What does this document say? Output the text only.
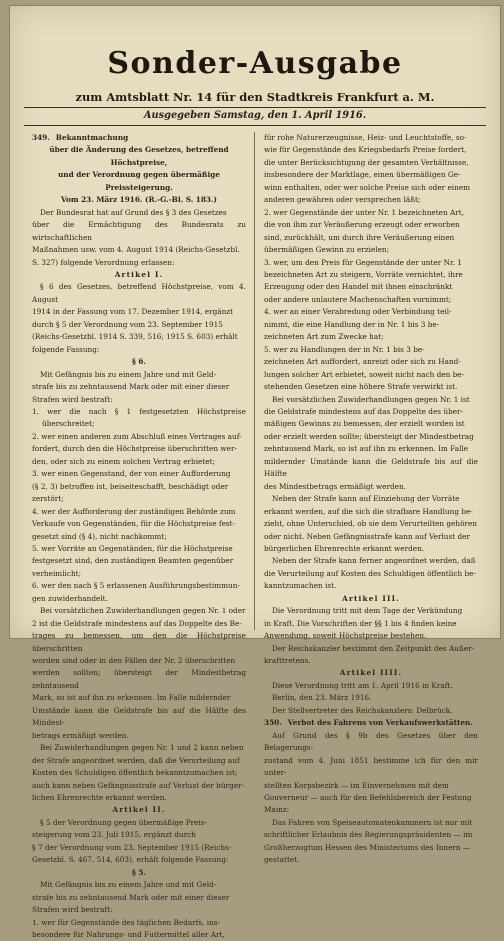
Sonder-Ausgabe
zum Amtsblatt Nr. 14 für den Stadtkreis Frankfurt a. M.
Ausgegeben Samstag, den 1. April 1916.

349. Bekanntmachung

über die Änderung des Gesetzes, betreffend Höchstpreise,

und der Verordnung gegen übermäßige Preissteigerung.

Vom 23. März 1916. (R.-G.-Bl. S. 183.)

Der Bundesrat hat auf Grund des § 3 des Gesetzes

über die Ermächtigung des Bundesrats zu wirtschaftlichen

Maßnahmen usw. vom 4. August 1914 (Reichs-Gesetzbl.

S. 327) folgende Verordnung erlassen:

Artikel I.

§ 6 des Gesetzes, betreffend Höchstpreise, vom 4. August

1914 in der Fassung vom 17. Dezember 1914, ergänzt

durch § 5 der Verordnung vom 23. September 1915

(Reichs-Gesetzbl. 1914 S. 339, 516; 1915 S. 603) erhält

folgende Fassung:

§ 6.

Mit Gefängnis bis zu einem Jahre und mit Geld-

strafe bis zu zehntausend Mark oder mit einer dieser

Strafen wird bestraft:

1. wer die nach § 1 festgesetzten Höchstpreise überschreitet;

2. wer einen anderen zum Abschluß eines Vertrages auf-

fordert, durch den die Höchstpreise überschritten wer-

den, oder sich zu einem solchen Vertrag erbietet;

3. wer einen Gegenstand, der von einer Aufforderung

(§ 2, 3) betroffen ist, beiseiteschafft, beschädigt oder

zerstört;

4. wer der Aufforderung der zuständigen Behörde zum

Verkaufe von Gegenständen, für die Höchstpreise fest-

gesetzt sind (§ 4), nicht nachkommt;

5. wer Vorräte an Gegenständen, für die Höchstpreise

festgesetzt sind, den zuständigen Beamten gegenüber

verheimlicht;

6. wer den nach § 5 erlassenen Ausführungsbestimmun-

gen zuwiderhandelt.

Bei vorsätzlichen Zuwiderhandlungen gegen Nr. 1 oder

2 ist die Geldstrafe mindestens auf das Doppelte des Be-

trages zu bemessen, um den die Höchstpreise überschritten

worden sind oder in den Fällen der Nr. 2 überschritten

werden sollten; übersteigt der Mindestbetrag zehntausend

Mark, so ist auf ihn zu erkennen. Im Falle mildernder

Umstände kann die Geldstrafe bis auf die Hälfte des Mindest-

betrags ermäßigt werden.

Bei Zuwiderhandlungen gegen Nr. 1 und 2 kann neben

der Strafe angeordnet werden, daß die Verurteilung auf

Kosten des Schuldigen öffentlich bekanntzumachen ist;

auch kann neben Gefängnisstrafe auf Verlust der bürger-

lichen Ehrenrechte erkannt werden.

Artikel II.

§ 5 der Verordnung gegen übermäßige Preis-

steigerung vom 23. Juli 1915, ergänzt durch

§ 7 der Verordnung vom 23. September 1915 (Reichs-

Gesetzbl. S. 467, 514, 603), erhält folgende Fassung:

§ 5.

Mit Gefängnis bis zu einem Jahre und mit Geld-

strafe bis zu zehntausend Mark oder mit einer dieser

Strafen wird bestraft:

1. wer für Gegenstände des täglichen Bedarfs, ins-

besondere für Nahrungs- und Futtermittel aller Art,

für rohe Naturerzeugnisse, Heiz- und Leuchtstoffe, so-

wie für Gegenstände des Kriegsbedarfs Preise fordert,

die unter Berücksichtigung der gesamten Verhältnisse,

insbesondere der Marktlage, einen übermäßigen Ge-

winn enthalten, oder wer solche Preise sich oder einem

anderen gewähren oder versprechen läßt;

2. wer Gegenstände der unter Nr. 1 bezeichneten Art,

die von ihm zur Veräußerung erzeugt oder erworben

sind, zurückhält, um durch ihre Veräußerung einen

übermäßigen Gewinn zu erzielen;

3. wer, um den Preis für Gegenstände der unter Nr. 1

bezeichneten Art zu steigern, Vorräte vernichtet, ihre

Erzeugung oder den Handel mit ihnen einschränkt

oder andere unlautere Machenschaften vornimmt;

4. wer an einer Verabredung oder Verbindung teil-

nimmt, die eine Handlung der in Nr. 1 bis 3 be-

zeichneten Art zum Zwecke hat;

5. wer zu Handlungen der in Nr. 1 bis 3 be-

zeichneten Art auffordert, anreizt oder sich zu Hand-

lungen solcher Art erbietet, soweit nicht nach den be-

stehenden Gesetzen eine höhere Strafe verwirkt ist.

Bei vorsätzlichen Zuwiderhandlungen gegen Nr. 1 ist

die Geldstrafe mindestens auf das Doppelte des über-

mäßigen Gewinns zu bemessen, der erzielt worden ist

oder erzielt werden sollte; übersteigt der Mindestbetrag

zehntausend Mark, so ist auf ihn zu erkennen. Im Falle

mildernder Umstände kann die Geldstrafe bis auf die Hälfte

des Mindestbetrags ermäßigt werden.

Neben der Strafe kann auf Einziehung der Vorräte

erkannt werden, auf die sich die strafbare Handlung be-

zieht, ohne Unterschied, ob sie dem Verurteilten gehören

oder nicht. Neben Gefängnisstrafe kann auf Verlust der

bürgerlichen Ehrenrechte erkannt werden.

Neben der Strafe kann ferner angeordnet werden, daß

die Verurteilung auf Kosten des Schuldigen öffentlich be-

kanntzumachen ist.

Artikel III.

Die Verordnung tritt mit dem Tage der Verkündung

in Kraft. Die Vorschriften der §§ 1 bis 4 finden keine

Anwendung, soweit Höchstpreise bestehen.

Der Reichskanzler bestimmt den Zeitpunkt des Außer-

krafttretens.

Artikel IIII.

Diese Verordnung tritt am 1. April 1916 in Kraft.

Berlin, den 23. März 1916.

Der Stellvertreter des Reichskanzlers: Delbrück.

350. Verbot des Fahrens von Verkaufswerkstätten.

Auf Grund des § 9b des Gesetzes über den Belagerungs-

zustand vom 4. Juni 1851 bestimme ich für den mir unter-

stellten Korpsbezirk — im Einvernehmen mit dem

Gouverneur — auch für den Befehlsbereich der Festung

Mainz:

Das Fahren von Speiseautomatenkammern ist nur mit

schriftlicher Erlaubnis des Regierungspräsidenten — im

Großherzogtum Hessen des Ministeriums des Innern —

gestattet.
